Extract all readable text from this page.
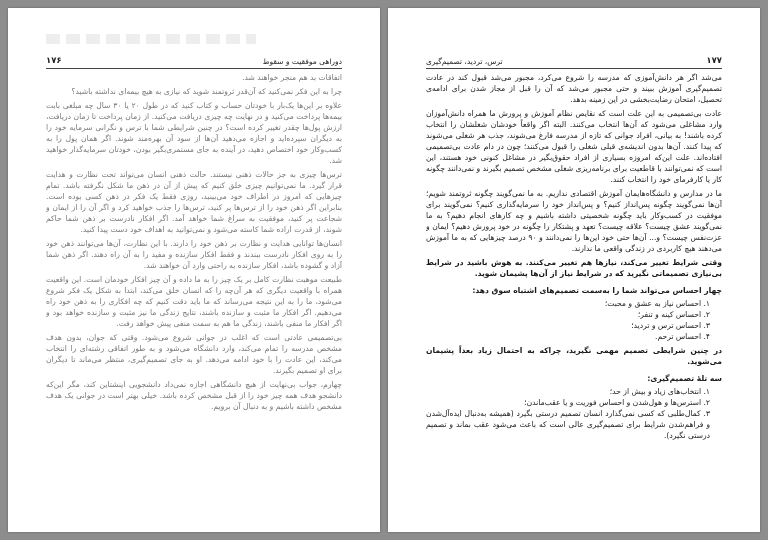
دوراهی موفقیت و سقوط
۱۷۶

اتفاقات بد هم منجر خواهند شد.

چرا به این فکر نمی‌کنید که آن‌قدر ثروتمند شوید که نیازی به هیچ بیمه‌ای نداشته باشید؟

علاوه بر این‌ها یک‌بار با خودتان حساب و کتاب کنید که در طول ۲۰ یا ۳۰ سال چه مبلغی بابت بیمه‌ها پرداخت می‌کنید و در نهایت چه چیزی دریافت می‌کنید. از زمان پرداخت تا زمان دریافت، ارزش پول‌ها چقدر تغییر کرده است؟ در چنین شرایطی شما با ترس و نگرانی سرمایه خود را به دیگران سپرده‌اید و اجازه می‌دهید آن‌ها از سود آن بهره‌مند شوند. اگر همان پول را به کسب‌وکار خود اختصاص دهید، در آینده به جای مستمری‌بگیر بودن، خودتان سرمایه‌گذار خواهید شد.

ترس‌ها چیزی به جز حالات ذهنی نیستند. حالت ذهنی انسان می‌تواند تحت نظارت و هدایت قرار گیرد. ما نمی‌توانیم چیزی خلق کنیم که پیش از آن در ذهن ما شکل نگرفته باشد. تمام چیزهایی که امروز در اطراف خود می‌بینید، روزی فقط یک فکر در ذهن کسی بوده است. بنابراین اگر ذهن خود را از ترس‌ها پر کنید، ترس‌ها را جذب خواهید کرد و اگر آن را از ایمان و شجاعت پر کنید، موفقیت به سراغ شما خواهد آمد. اگر افکار نادرست بر ذهن شما حاکم شوند، از قدرت اراده شما کاسته می‌شود و نمی‌توانید به اهداف خود دست پیدا کنید.

انسان‌ها توانایی هدایت و نظارت بر ذهن خود را دارند. با این نظارت، آن‌ها می‌توانند ذهن خود را به روی افکار نادرست ببندند و فقط افکار سازنده و مفید را به آن راه دهند. اگر ذهن شما آزاد و گشوده باشد، افکار سازنده به راحتی وارد آن خواهند شد.

طبیعت موهبت نظارت کامل بر یک چیز را به ما داده و آن چیز افکار خودمان است. این واقعیت همراه با واقعیت دیگری که هر آن‌چه را که انسان خلق می‌کند، ابتدا به شکل یک فکر شروع می‌شود، ما را به این نتیجه می‌رساند که ما باید دقت کنیم که چه افکاری را به ذهن خود راه می‌دهیم. اگر افکار ما مثبت و سازنده باشند، نتایج زندگی ما نیز مثبت و سازنده خواهد بود و اگر افکار ما منفی باشند، زندگی ما هم به سمت منفی پیش خواهد رفت.

بی‌تصمیمی عادتی است که اغلب در جوانی شروع می‌شود. وقتی که جوان، بدون هدف مشخص مدرسه را تمام می‌کند، وارد دانشگاه می‌شود و به طور اتفاقی رشته‌ای را انتخاب می‌کند، این عادت را با خود ادامه می‌دهد. او به جای تصمیم‌گیری، منتظر می‌ماند تا دیگران برای او تصمیم بگیرند.

چهارم، جواب بی‌نهایت از هیچ دانشگاهی اجازه نمی‌داد دانشجویی اینشتاین کند، مگر این‌که دانشجو هدف همه چیز خود را از قبل مشخص کرده باشد. خیلی بهتر است در جوانی یک هدف مشخص داشته باشیم و به دنبال آن برویم.

۱۷۷
ترس، تردید، تصمیم‌گیری

می‌شد اگر هر دانش‌آموزی که مدرسه را شروع می‌کرد، مجبور می‌شد قبول کند در عادت تصمیم‌گیری آموزش ببیند و حتی مجبور می‌شد که آن را قبل از مجاز شدن برای ادامه‌ی تحصیل، امتحان رضایت‌بخشی در این زمینه بدهد.

عادت بی‌تصمیمی به این علت است که نقایص نظام آموزش و پرورش ما همراه دانش‌آموزان وارد مشاغلی می‌شود که آن‌ها انتخاب می‌کنند. البته اگر واقعاً خودشان شغلشان را انتخاب کرده باشند! به بیانی، افراد جوانی که تازه از مدرسه فارغ می‌شوند، جذب هر شغلی می‌شوند که پیدا کنند. آن‌ها بدون اندیشه‌ی قبلی شغلی را قبول می‌کنند؛ چون در دام عادت بی‌تصمیمی افتاده‌اند. علت این‌که امروزه بسیاری از افراد حقوق‌بگیر در مشاغل کنونی خود هستند، این است که نمی‌توانند با قاطعیت برای برنامه‌ریزی شغلی مشخص تصمیم بگیرند و نمی‌دانند چگونه کار یا کارفرمای خود را انتخاب کنند.

ما در مدارس و دانشگاه‌هایمان آموزش اقتصادی نداریم. به ما نمی‌گویند چگونه ثروتمند شویم؛ آن‌ها نمی‌گویند چگونه پس‌انداز کنیم؟ و پس‌انداز خود را سرمایه‌گذاری کنیم؟ نمی‌گویند برای موفقیت در کسب‌وکار باید چگونه شخصیتی داشته باشیم و چه کارهای انجام دهیم؟ به ما نمی‌گویند عشق چیست؟ علاقه چیست؟ تعهد و پشتکار را چگونه در خود پرورش دهیم؟ ایمان و عزت‌نفس چیست؟ و... آن‌ها حتی خود این‌ها را نمی‌دانند و ۹۰ درصد چیزهایی که به ما آموزش می‌دهند هیچ کاربردی در زندگی واقعی ما ندارند.

وقتی شرایط تغییر می‌کند، نیازها هم تغییر می‌کنند. به هوش باشید در شرایط بی‌نیازی تصمیماتی نگیرید که در شرایط نیاز از آن‌ها پشیمان شوید.

چهار احساس می‌تواند شما را به‌سمت تصمیم‌های اشتباه سوق دهد:
۱. احساس نیاز به عشق و محبت؛
۲. احساس کینه و تنفر؛
۳. احساس ترس و تردید؛
۴. احساس ترحم.

در چنین شرایطی تصمیم مهمی نگیرید، چراکه به احتمال زیاد بعداً پشیمان می‌شوید.

سه تلهٔ تصمیم‌گیری:
۱. انتخاب‌های زیاد و بیش از حد؛
۲. استرس‌ها و هول‌شدن و احساس فوریت و یا عقب‌ماندن؛
۳. کمال‌طلبی که کسی نمی‌گذارد انسان تصمیم درستی بگیرد (همیشه به‌دنبال ایده‌آل‌شدن و فراهم‌شدن شرایط برای تصمیم‌گیری عالی است که باعث می‌شود عقب بماند و تصمیم درستی نگیرد).
